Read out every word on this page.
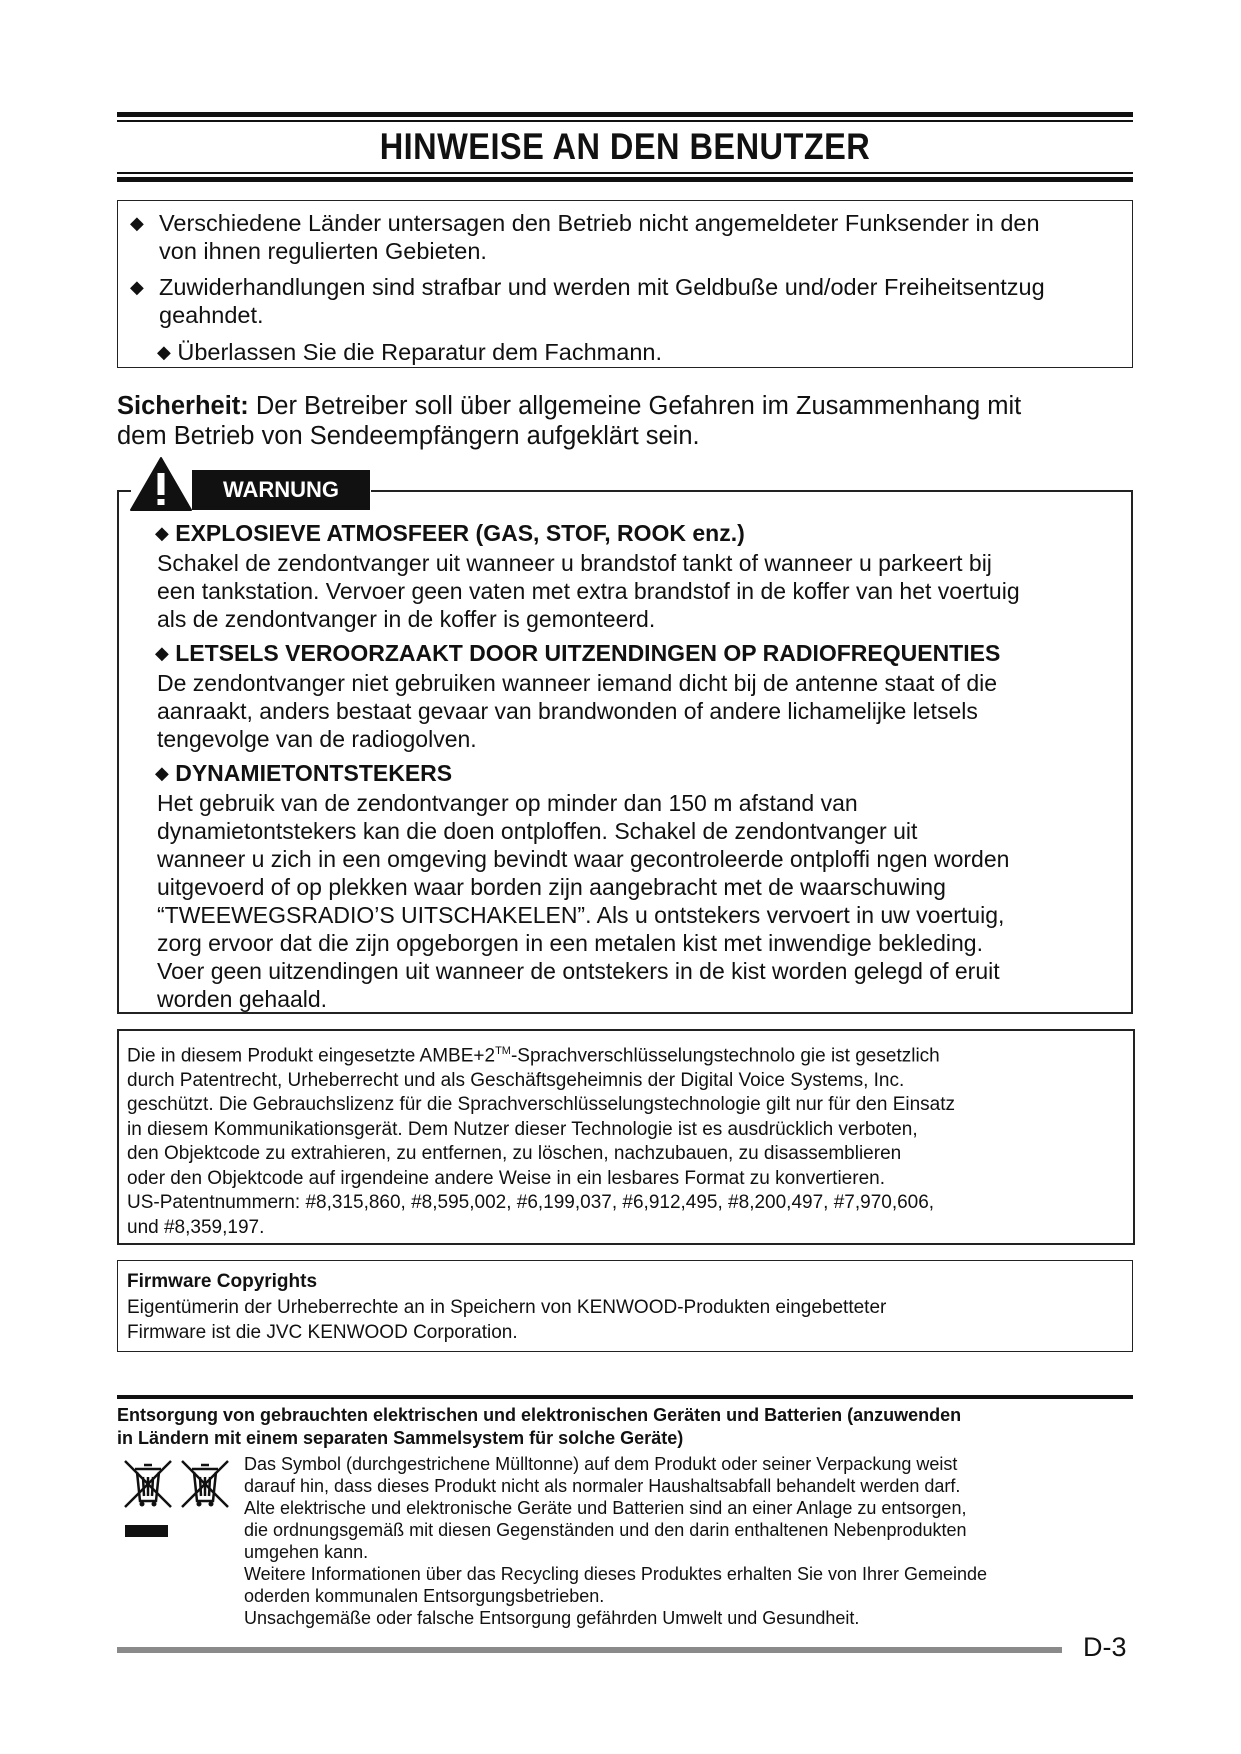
HINWEISE AN DEN BENUTZER
◆ Verschiedene Länder untersagen den Betrieb nicht angemeldeter Funksender in den
von ihnen regulierten Gebieten.
◆ Zuwiderhandlungen sind strafbar und werden mit Geldbuße und/oder Freiheitsentzug
geahndet.
◆ Überlassen Sie die Reparatur dem Fachmann.
Sicherheit: Der Betreiber soll über allgemeine Gefahren im Zusammenhang mit
dem Betrieb von Sendeempfängern aufgeklärt sein.
WARNUNG
◆ EXPLOSIEVE ATMOSFEER (GAS, STOF, ROOK enz.)
Schakel de zendontvanger uit wanneer u brandstof tankt of wanneer u parkeert bij
een tankstation. Vervoer geen vaten met extra brandstof in de koffer van het voertuig
als de zendontvanger in de koffer is gemonteerd.
◆ LETSELS VEROORZAAKT DOOR UITZENDINGEN OP RADIOFREQUENTIES
De zendontvanger niet gebruiken wanneer iemand dicht bij de antenne staat of die
aanraakt, anders bestaat gevaar van brandwonden of andere lichamelijke letsels
tengevolge van de radiogolven.
◆ DYNAMIETONTSTEKERS
Het gebruik van de zendontvanger op minder dan 150 m afstand van
dynamietontstekers kan die doen ontploffen. Schakel de zendontvanger uit
wanneer u zich in een omgeving bevindt waar gecontroleerde ontploffi ngen worden
uitgevoerd of op plekken waar borden zijn aangebracht met de waarschuwing
“TWEEWEGSRADIO’S UITSCHAKELEN”. Als u ontstekers vervoert in uw voertuig,
zorg ervoor dat die zijn opgeborgen in een metalen kist met inwendige bekleding.
Voer geen uitzendingen uit wanneer de ontstekers in de kist worden gelegd of eruit
worden gehaald.
Die in diesem Produkt eingesetzte AMBE+2™-Sprachverschlüsselungstechnolo gie ist gesetzlich
durch Patentrecht, Urheberrecht und als Geschäftsgeheimnis der Digital Voice Systems, Inc.
geschützt. Die Gebrauchslizenz für die Sprachverschlüsselungstechnologie gilt nur für den Einsatz
in diesem Kommunikationsgerät. Dem Nutzer dieser Technologie ist es ausdrücklich verboten,
den Objektcode zu extrahieren, zu entfernen, zu löschen, nachzubauen, zu disassemblieren
oder den Objektcode auf irgendeine andere Weise in ein lesbares Format zu konvertieren.
US-Patentnummern: #8,315,860, #8,595,002, #6,199,037, #6,912,495, #8,200,497, #7,970,606,
und #8,359,197.
Firmware Copyrights
Eigentümerin der Urheberrechte an in Speichern von KENWOOD-Produkten eingebetteter
Firmware ist die JVC KENWOOD Corporation.
Entsorgung von gebrauchten elektrischen und elektronischen Geräten und Batterien (anzuwenden
in Ländern mit einem separaten Sammelsystem für solche Geräte)
Das Symbol (durchgestrichene Mülltonne) auf dem Produkt oder seiner Verpackung weist
darauf hin, dass dieses Produkt nicht als normaler Haushaltsabfall behandelt werden darf.
Alte elektrische und elektronische Geräte und Batterien sind an einer Anlage zu entsorgen,
die ordnungsgemäß mit diesen Gegenständen und den darin enthaltenen Nebenprodukten
umgehen kann.
Weitere Informationen über das Recycling dieses Produktes erhalten Sie von Ihrer Gemeinde
oderden kommunalen Entsorgungsbetrieben.
Unsachgemäße oder falsche Entsorgung gefährden Umwelt und Gesundheit.
D-3
